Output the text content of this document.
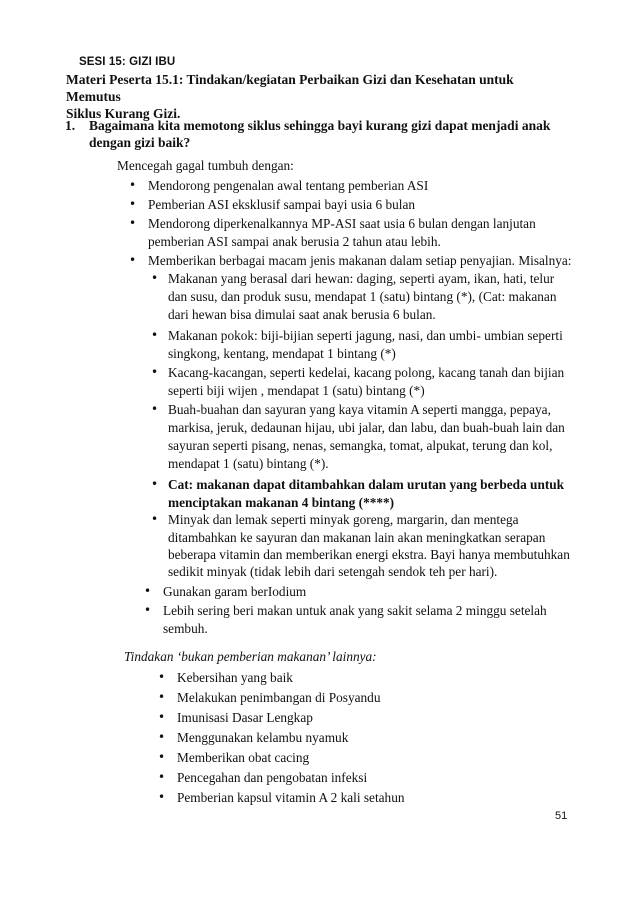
SESI 15: GIZI IBU
Materi Peserta 15.1: Tindakan/kegiatan Perbaikan Gizi dan Kesehatan untuk Memutus
Siklus Kurang Gizi.
1. Bagaimana kita memotong siklus sehingga bayi kurang gizi dapat menjadi anak
dengan gizi baik?
Mencegah gagal tumbuh dengan:
• Mendorong pengenalan awal tentang pemberian ASI
• Pemberian ASI eksklusif sampai bayi usia 6 bulan
• Mendorong diperkenalkannya MP-ASI saat usia 6 bulan dengan lanjutan
pemberian ASI sampai anak berusia 2 tahun atau lebih.
• Memberikan berbagai macam jenis makanan dalam setiap penyajian. Misalnya:
• Makanan yang berasal dari hewan: daging, seperti ayam, ikan, hati, telur
dan susu, dan produk susu, mendapat 1 (satu) bintang (*), (Cat: makanan
dari hewan bisa dimulai saat anak berusia 6 bulan.
• Makanan pokok: biji-bijian seperti jagung, nasi, dan umbi- umbian seperti
singkong, kentang, mendapat 1 bintang (*)
• Kacang-kacangan, seperti kedelai, kacang polong, kacang tanah dan bijian
seperti biji wijen , mendapat 1 (satu) bintang (*)
• Buah-buahan dan sayuran yang kaya vitamin A seperti mangga, pepaya,
markisa, jeruk, dedaunan hijau, ubi jalar, dan labu, dan buah-buah lain dan
sayuran seperti pisang, nenas, semangka, tomat, alpukat, terung dan kol,
mendapat 1 (satu) bintang (*).
• Cat: makanan dapat ditambahkan dalam urutan yang berbeda untuk
menciptakan makanan 4 bintang (****)
• Minyak dan lemak seperti minyak goreng, margarin, dan mentega
ditambahkan ke sayuran dan makanan lain akan meningkatkan serapan
beberapa vitamin dan memberikan energi ekstra. Bayi hanya membutuhkan
sedikit minyak (tidak lebih dari setengah sendok teh per hari).
• Gunakan garam berIodium
• Lebih sering beri makan untuk anak yang sakit selama 2 minggu setelah
sembuh.
Tindakan ‘bukan pemberian makanan’ lainnya:
• Kebersihan yang baik
• Melakukan penimbangan di Posyandu
• Imunisasi Dasar Lengkap
• Menggunakan kelambu nyamuk
• Memberikan obat cacing
• Pencegahan dan pengobatan infeksi
• Pemberian kapsul vitamin A 2 kali setahun
51
